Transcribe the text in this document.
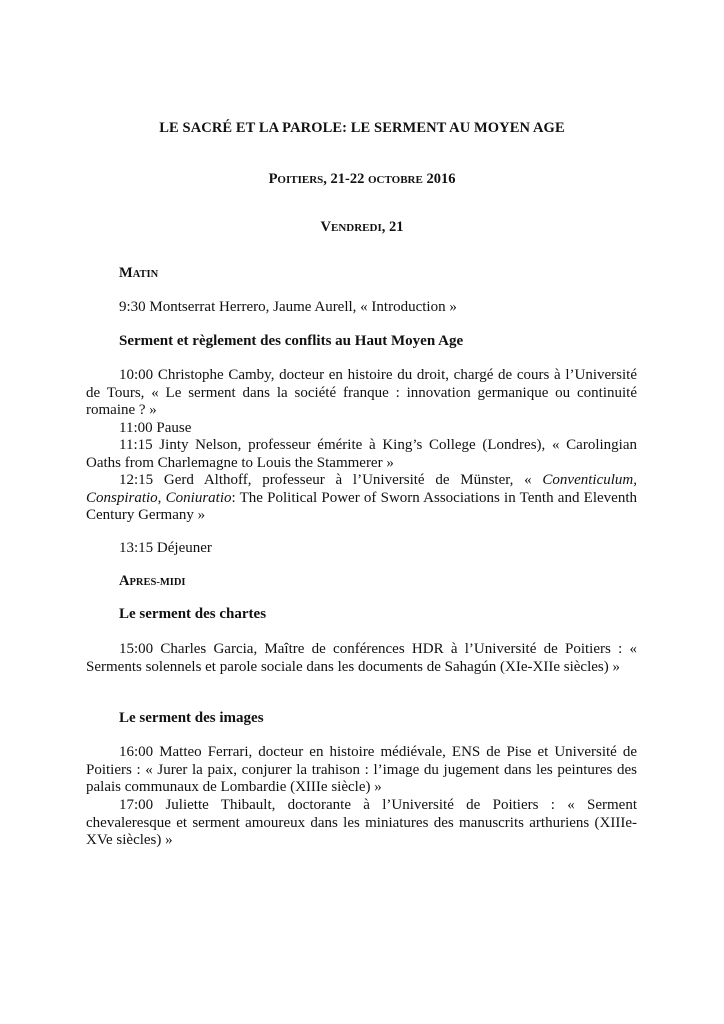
LE SACRÉ ET LA PAROLE: LE SERMENT AU MOYEN AGE
POITIERS, 21-22 OCTOBRE 2016
VENDREDI, 21
MATIN
9:30 Montserrat Herrero, Jaume Aurell, « Introduction »
Serment et règlement des conflits au Haut Moyen Age
10:00 Christophe Camby, docteur en histoire du droit, chargé de cours à l’Université de Tours, « Le serment dans la société franque : innovation germanique ou continuité romaine ? »
11:00 Pause
11:15 Jinty Nelson, professeur émérite à King’s College (Londres), « Carolingian Oaths from Charlemagne to Louis the Stammerer »
12:15 Gerd Althoff, professeur à l’Université de Münster, « Conventiculum, Conspiratio, Coniuratio: The Political Power of Sworn Associations in Tenth and Eleventh Century Germany »
13:15 Déjeuner
APRES-MIDI
Le serment des chartes
15:00 Charles Garcia, Maître de conférences HDR à l’Université de Poitiers : « Serments solennels et parole sociale dans les documents de Sahagún (XIe-XIIe siècles) »
Le serment des images
16:00 Matteo Ferrari, docteur en histoire médiévale, ENS de Pise et Université de Poitiers : « Jurer la paix, conjurer la trahison : l’image du jugement dans les peintures des palais communaux de Lombardie (XIIIe siècle) »
17:00 Juliette Thibault, doctorante à l’Université de Poitiers : « Serment chevaleresque et serment amoureux dans les miniatures des manuscrits arthuriens (XIIIe-XVe siècles) »
